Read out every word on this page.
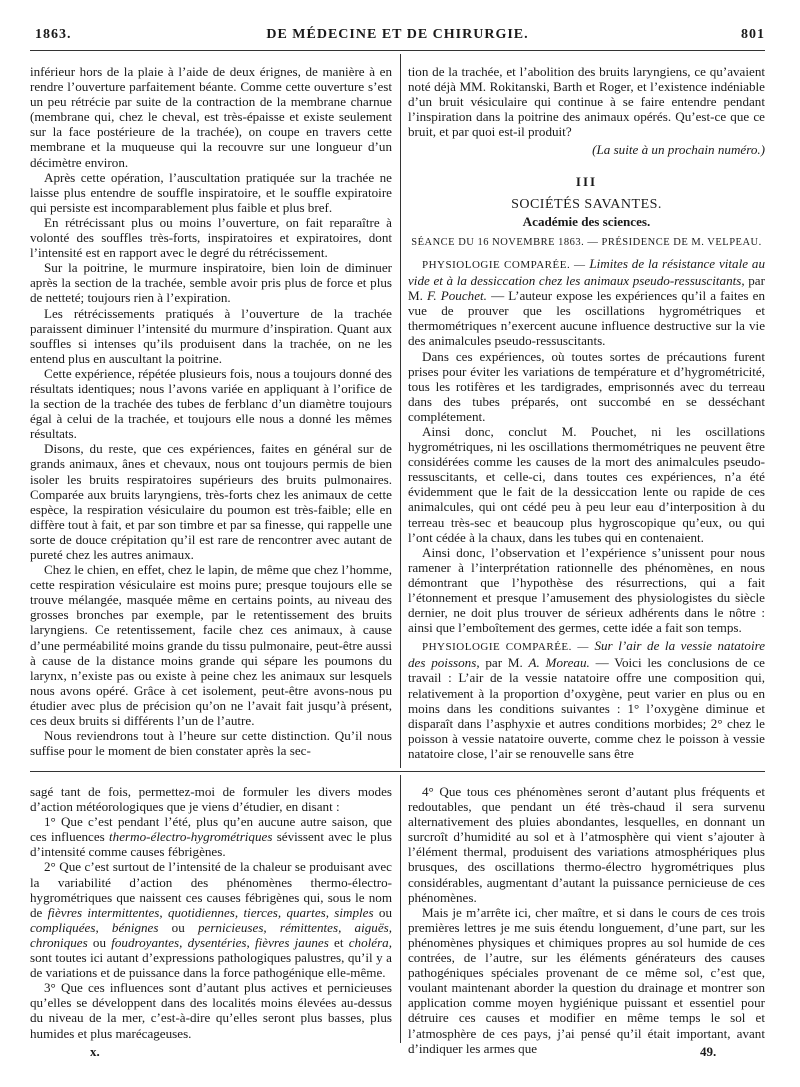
1863.	DE MÉDECINE ET DE CHIRURGIE.	801

inférieur hors de la plaie à l’aide de deux érignes, de manière à en rendre l’ouverture parfaitement béante. Comme cette ouverture s’est un peu rétrécie par suite de la contraction de la membrane charnue (membrane qui, chez le cheval, est très-épaisse et existe seulement sur la face postérieure de la trachée), on coupe en travers cette membrane et la muqueuse qui la recouvre sur une longueur d’un décimètre environ.

Après cette opération, l’auscultation pratiquée sur la trachée ne laisse plus entendre de souffle inspiratoire, et le souffle expiratoire qui persiste est incomparablement plus faible et plus bref.

En rétrécissant plus ou moins l’ouverture, on fait reparaître à volonté des souffles très-forts, inspiratoires et expiratoires, dont l’intensité est en rapport avec le degré du rétrécissement.

Sur la poitrine, le murmure inspiratoire, bien loin de diminuer après la section de la trachée, semble avoir pris plus de force et plus de netteté; toujours rien à l’expiration.

Les rétrécissements pratiqués à l’ouverture de la trachée paraissent diminuer l’intensité du murmure d’inspiration. Quant aux souffles si intenses qu’ils produisent dans la trachée, on ne les entend plus en auscultant la poitrine.

Cette expérience, répétée plusieurs fois, nous a toujours donné des résultats identiques; nous l’avons variée en appliquant à l’orifice de la section de la trachée des tubes de ferblanc d’un diamètre toujours égal à celui de la trachée, et toujours elle nous a donné les mêmes résultats.

Disons, du reste, que ces expériences, faites en général sur de grands animaux, ânes et chevaux, nous ont toujours permis de bien isoler les bruits respiratoires supérieurs des bruits pulmonaires. Comparée aux bruits laryngiens, très-forts chez les animaux de cette espèce, la respiration vésiculaire du poumon est très-faible; elle en diffère tout à fait, et par son timbre et par sa finesse, qui rappelle une sorte de douce crépitation qu’il est rare de rencontrer avec autant de pureté chez les autres animaux.

Chez le chien, en effet, chez le lapin, de même que chez l’homme, cette respiration vésiculaire est moins pure; presque toujours elle se trouve mélangée, masquée même en certains points, au niveau des grosses bronches par exemple, par le retentissement des bruits laryngiens. Ce retentissement, facile chez ces animaux, à cause d’une perméabilité moins grande du tissu pulmonaire, peut-être aussi à cause de la distance moins grande qui sépare les poumons du larynx, n’existe pas ou existe à peine chez les animaux sur lesquels nous avons opéré. Grâce à cet isolement, peut-être avons-nous pu étudier avec plus de précision qu’on ne l’avait fait jusqu’à présent, ces deux bruits si différents l’un de l’autre.

Nous reviendrons tout à l’heure sur cette distinction. Qu’il nous suffise pour le moment de bien constater après la sec-

tion de la trachée, et l’abolition des bruits laryngiens, ce qu’avaient noté déjà MM. Rokitanski, Barth et Roger, et l’existence indéniable d’un bruit vésiculaire qui continue à se faire entendre pendant l’inspiration dans la poitrine des animaux opérés. Qu’est-ce que ce bruit, et par quoi est-il produit?

(La suite à un prochain numéro.)

III

SOCIÉTÉS SAVANTES.

Académie des sciences.

SÉANCE DU 16 NOVEMBRE 1863. — PRÉSIDENCE DE M. VELPEAU.

PHYSIOLOGIE COMPARÉE. — Limites de la résistance vitale au vide et à la dessiccation chez les animaux pseudo-ressuscitants, par M. F. Pouchet. — L’auteur expose les expériences qu’il a faites en vue de prouver que les oscillations hygrométriques et thermométriques n’exercent aucune influence destructive sur la vie des animalcules pseudo-ressuscitants.

Dans ces expériences, où toutes sortes de précautions furent prises pour éviter les variations de température et d’hygrométricité, tous les rotifères et les tardigrades, emprisonnés avec du terreau dans des tubes préparés, ont succombé en se desséchant complétement.

Ainsi donc, conclut M. Pouchet, ni les oscillations hygrométriques, ni les oscillations thermométriques ne peuvent être considérées comme les causes de la mort des animalcules pseudo-ressuscitants, et celle-ci, dans toutes ces expériences, n’a été évidemment que le fait de la dessiccation lente ou rapide de ces animalcules, qui ont cédé peu à peu leur eau d’interposition à du terreau très-sec et beaucoup plus hygroscopique qu’eux, ou qui l’ont cédée à la chaux, dans les tubes qui en contenaient.

Ainsi donc, l’observation et l’expérience s’unissent pour nous ramener à l’interprétation rationnelle des phénomènes, en nous démontrant que l’hypothèse des résurrections, qui a fait l’étonnement et presque l’amusement des physiologistes du siècle dernier, ne doit plus trouver de sérieux adhérents dans le nôtre : ainsi que l’emboîtement des germes, cette idée a fait son temps.

PHYSIOLOGIE COMPARÉE. — Sur l’air de la vessie natatoire des poissons, par M. A. Moreau. — Voici les conclusions de ce travail : L’air de la vessie natatoire offre une composition qui, relativement à la proportion d’oxygène, peut varier en plus ou en moins dans les conditions suivantes : 1° l’oxygène diminue et disparaît dans l’asphyxie et autres conditions morbides; 2° chez le poisson à vessie natatoire ouverte, comme chez le poisson à vessie natatoire close, l’air se renouvelle sans être

sagé tant de fois, permettez-moi de formuler les divers modes d’action météorologiques que je viens d’étudier, en disant :

1° Que c’est pendant l’été, plus qu’en aucune autre saison, que ces influences thermo-électro-hygrométriques sévissent avec le plus d’intensité comme causes fébrigènes.

2° Que c’est surtout de l’intensité de la chaleur se produisant avec la variabilité d’action des phénomènes thermo-électro-hygrométriques que naissent ces causes fébrigènes qui, sous le nom de fièvres intermittentes, quotidiennes, tierces, quartes, simples ou compliquées, bénignes ou pernicieuses, rémittentes, aiguës, chroniques ou foudroyantes, dysentéries, fièvres jaunes et choléra, sont toutes ici autant d’expressions pathologiques palustres, qu’il y a de variations et de puissance dans la force pathogénique elle-même.

3° Que ces influences sont d’autant plus actives et pernicieuses qu’elles se développent dans des localités moins élevées au-dessus du niveau de la mer, c’est-à-dire qu’elles seront plus basses, plus humides et plus marécageuses.

4° Que tous ces phénomènes seront d’autant plus fréquents et redoutables, que pendant un été très-chaud il sera survenu alternativement des pluies abondantes, lesquelles, en donnant un surcroît d’humidité au sol et à l’atmosphère qui vient s’ajouter à l’élément thermal, produisent des variations atmosphériques plus brusques, des oscillations thermo-électro hygrométriques plus considérables, augmentant d’autant la puissance pernicieuse de ces phénomènes.

Mais je m’arrête ici, cher maître, et si dans le cours de ces trois premières lettres je me suis étendu longuement, d’une part, sur les phénomènes physiques et chimiques propres au sol humide de ces contrées, de l’autre, sur les éléments générateurs des causes pathogéniques spéciales provenant de ce même sol, c’est que, voulant maintenant aborder la question du drainage et montrer son application comme moyen hygiénique puissant et essentiel pour détruire ces causes et modifier en même temps le sol et l’atmosphère de ces pays, j’ai pensé qu’il était important, avant d’indiquer les armes que

x.	49.
